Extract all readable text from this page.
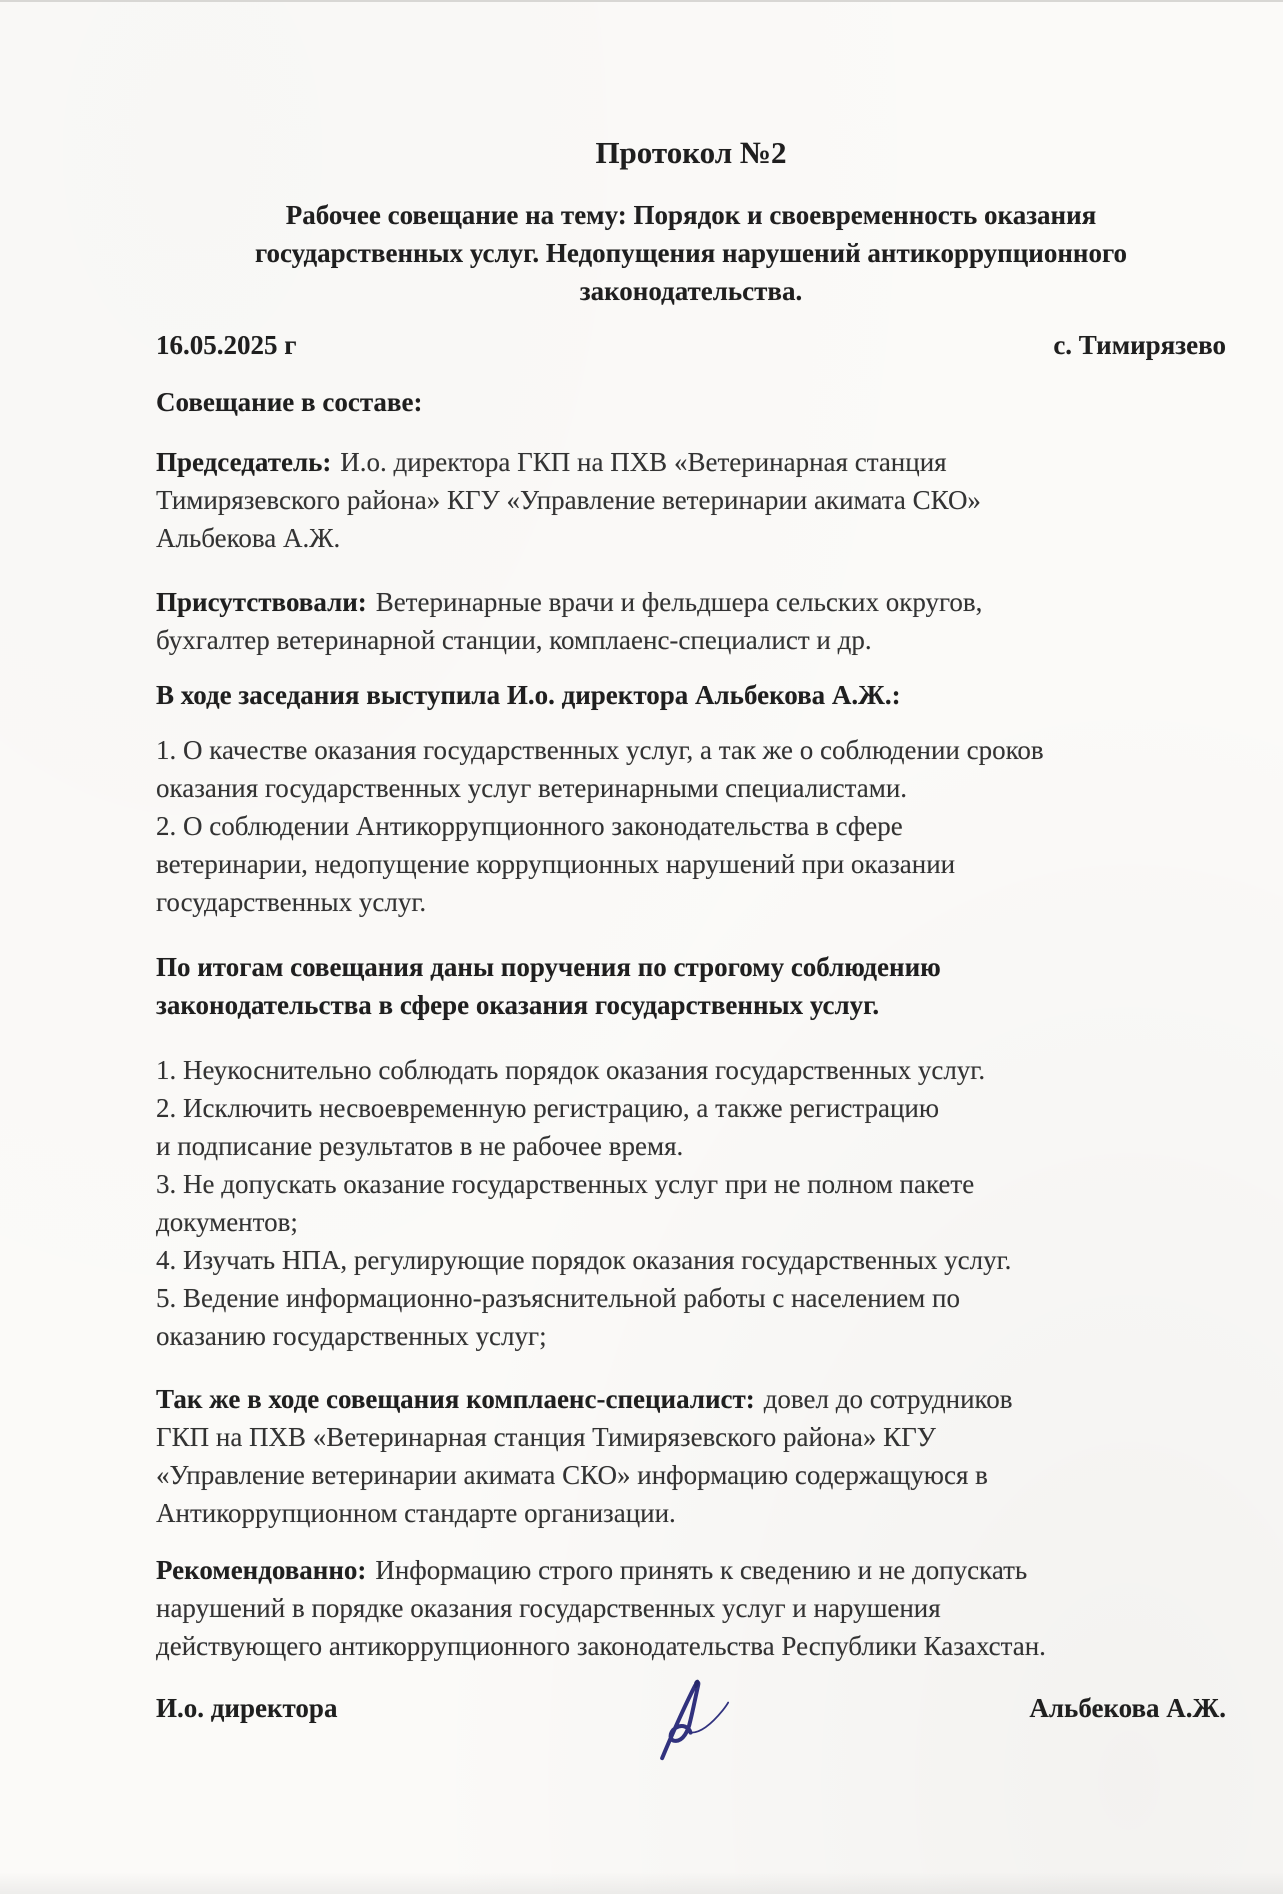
Протокол №2
Рабочее совещание на тему: Порядок и своевременность оказания
государственных услуг. Недопущения нарушений антикоррупционного
законодательства.
16.05.2025 г	с. Тимирязево
Совещание в составе:
Председатель: И.о. директора ГКП на ПХВ «Ветеринарная станция
Тимирязевского района» КГУ «Управление ветеринарии акимата СКО»
Альбекова А.Ж.
Присутствовали: Ветеринарные врачи и фельдшера сельских округов,
бухгалтер ветеринарной станции, комплаенс-специалист и др.
В ходе заседания выступила И.о. директора Альбекова А.Ж.:
1. О качестве оказания государственных услуг, а так же о соблюдении сроков
оказания государственных услуг ветеринарными специалистами.
2. О соблюдении Антикоррупционного законодательства в сфере
ветеринарии, недопущение коррупционных нарушений при оказании
государственных услуг.
По итогам совещания даны поручения по строгому соблюдению
законодательства в сфере оказания государственных услуг.
1. Неукоснительно соблюдать порядок оказания государственных услуг.
2. Исключить несвоевременную регистрацию, а также регистрацию
и подписание результатов в не рабочее время.
3. Не допускать оказание государственных услуг при не полном пакете
документов;
4. Изучать НПА, регулирующие порядок оказания государственных услуг.
5. Ведение информационно-разъяснительной работы с населением по
оказанию государственных услуг;
Так же в ходе совещания комплаенс-специалист: довел до сотрудников
ГКП на ПХВ «Ветеринарная станция Тимирязевского района» КГУ
«Управление ветеринарии акимата СКО» информацию содержащуюся в
Антикоррупционном стандарте организации.
Рекомендованно: Информацию строго принять к сведению и не допускать
нарушений в порядке оказания государственных услуг и нарушения
действующего антикоррупционного законодательства Республики Казахстан.
И.о. директора	Альбекова А.Ж.
